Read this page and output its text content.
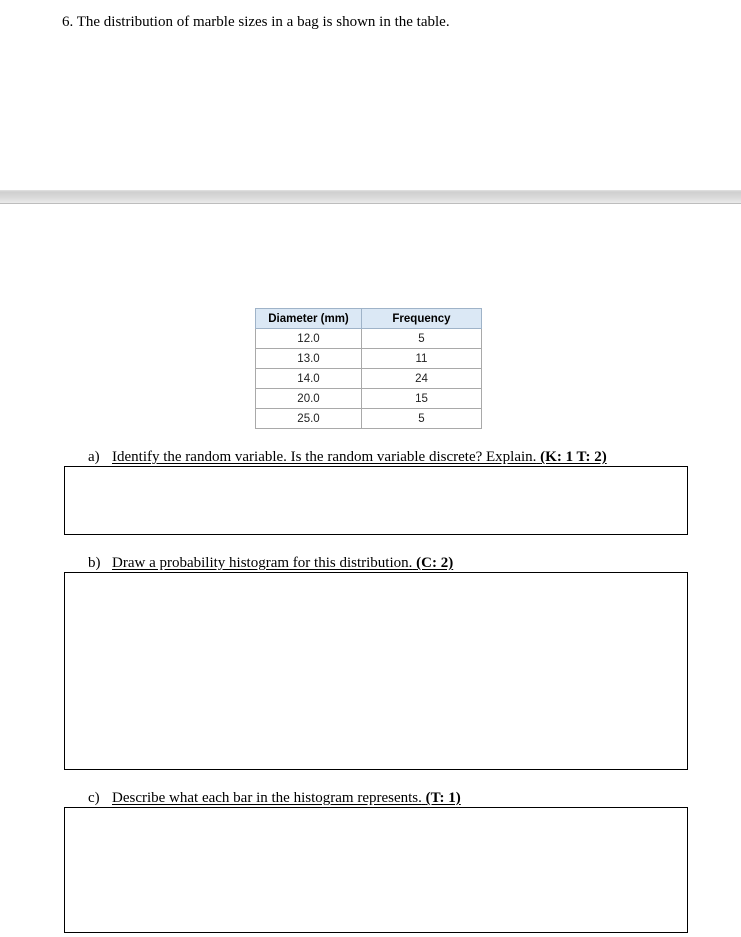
6. The distribution of marble sizes in a bag is shown in the table.
Diameter (mm)	Frequency
12.0	5
13.0	11
14.0	24
20.0	15
25.0	5
a) Identify the random variable. Is the random variable discrete? Explain. (K: 1 T: 2)
b) Draw a probability histogram for this distribution. (C: 2)
c) Describe what each bar in the histogram represents. (T: 1)
